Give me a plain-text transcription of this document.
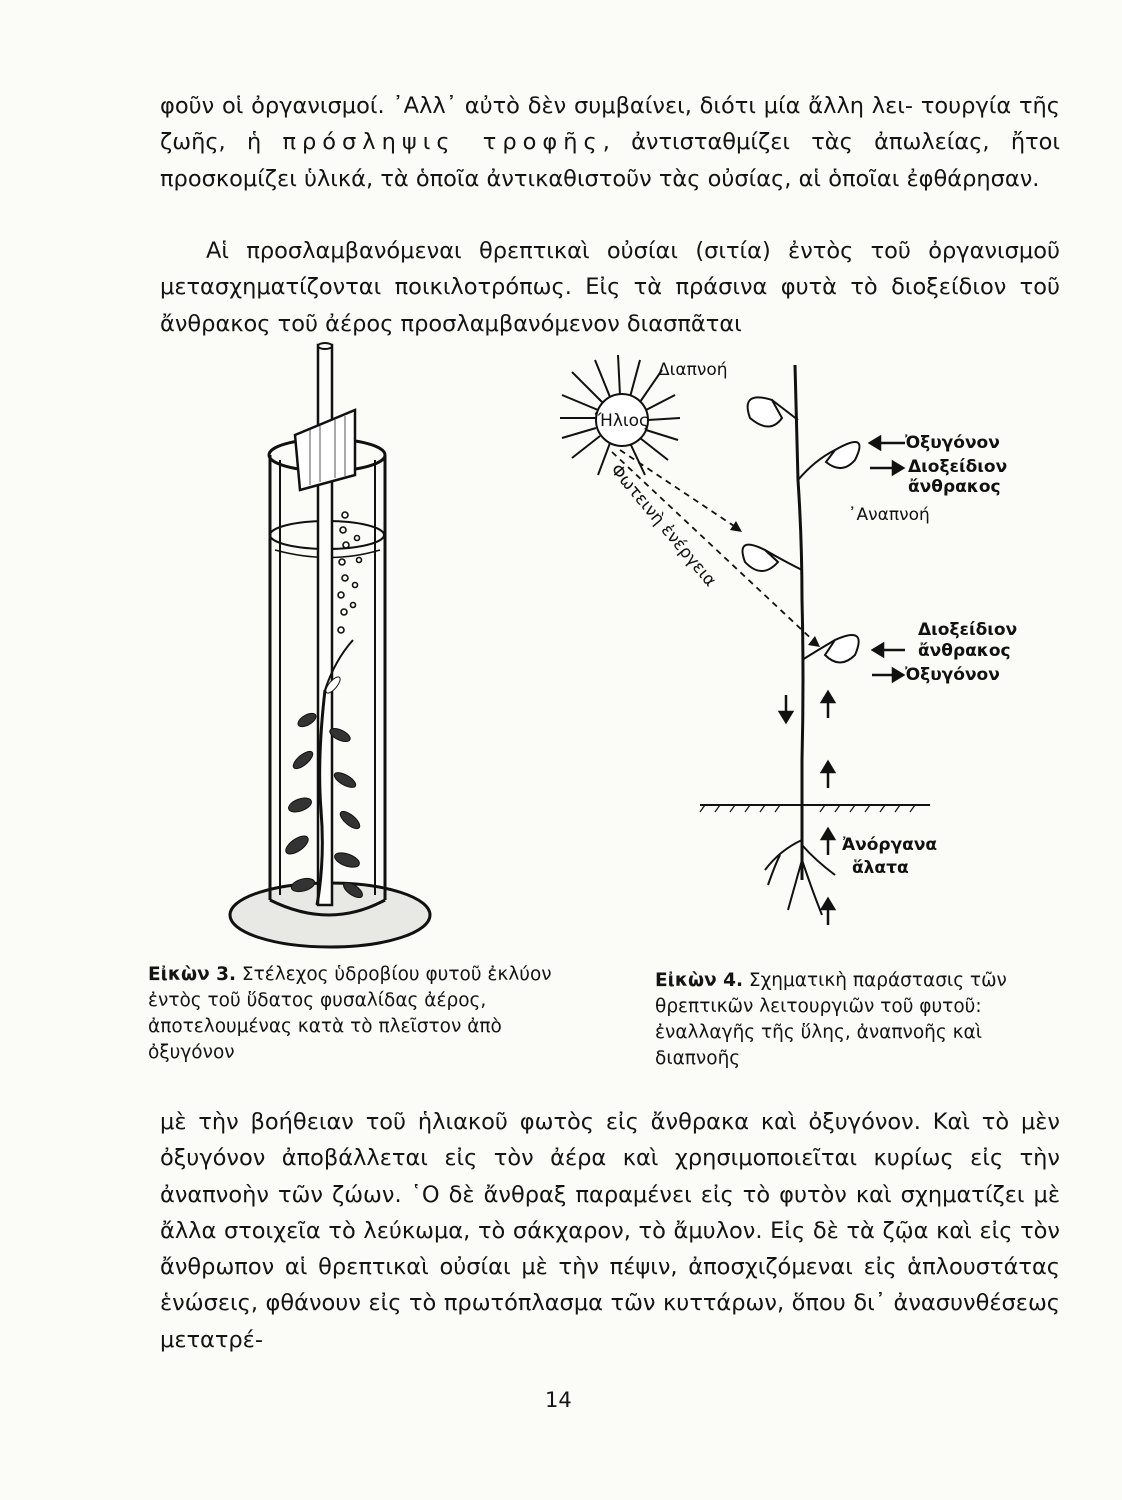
φοῦν οἱ ὀργανισμοί. ᾿Αλλ᾿ αὐτὸ δὲν συμβαίνει, διότι μία ἄλλη λει- τουργία τῆς ζωῆς, ἡ πρόσληψις τροφῆς, ἀντισταθμίζει τὰς ἀπωλείας, ἤτοι προσκομίζει ὑλικά, τὰ ὁποῖα ἀντικαθιστοῦν τὰς οὐσίας, αἱ ὁποῖαι ἐφθάρησαν.

Αἱ προσλαμβανόμεναι θρεπτικαὶ οὐσίαι (σιτία) ἐντὸς τοῦ ὀργανισμοῦ μετασχηματίζονται ποικιλοτρόπως. Εἰς τὰ πράσινα φυτὰ τὸ διοξείδιον τοῦ ἄνθρακος τοῦ ἀέρος προσλαμβανόμενον διασπᾶται

Ἥλιος
Φωτεινὴ ἐνέργεια
Διαπνοή
Ὀξυγόνον
Διοξείδιον
ἄνθρακος
᾿Αναπνοή
Διοξείδιον
ἄνθρακος
Ὀξυγόνον
Ἀνόργανα
ἅλατα

Εἰκὼν 3. Στέλεχος ὑδροβίου φυτοῦ ἐκλύον ἐντὸς τοῦ ὕδατος φυσαλίδας ἀέρος, ἀποτελουμένας κατὰ τὸ πλεῖστον ἀπὸ ὀξυγόνον

Εἰκὼν 4. Σχηματικὴ παράστασις τῶν θρεπτικῶν λειτουργιῶν τοῦ φυτοῦ: ἐναλλαγῆς τῆς ὕλης, ἀναπνοῆς καὶ διαπνοῆς

μὲ τὴν βοήθειαν τοῦ ἡλιακοῦ φωτὸς εἰς ἄνθρακα καὶ ὀξυγόνον. Καὶ τὸ μὲν ὀξυγόνον ἀποβάλλεται εἰς τὸν ἀέρα καὶ χρησιμοποιεῖται κυρίως εἰς τὴν ἀναπνοὴν τῶν ζώων. ῾Ο δὲ ἄνθραξ παραμένει εἰς τὸ φυτὸν καὶ σχηματίζει μὲ ἄλλα στοιχεῖα τὸ λεύκωμα, τὸ σάκχαρον, τὸ ἄμυλον. Εἰς δὲ τὰ ζῷα καὶ εἰς τὸν ἄνθρωπον αἱ θρεπτικαὶ οὐσίαι μὲ τὴν πέψιν, ἀποσχιζόμεναι εἰς ἁπλουστάτας ἑνώσεις, φθάνουν εἰς τὸ πρωτόπλασμα τῶν κυττάρων, ὅπου δι᾿ ἀνασυνθέσεως μετατρέ-

14
